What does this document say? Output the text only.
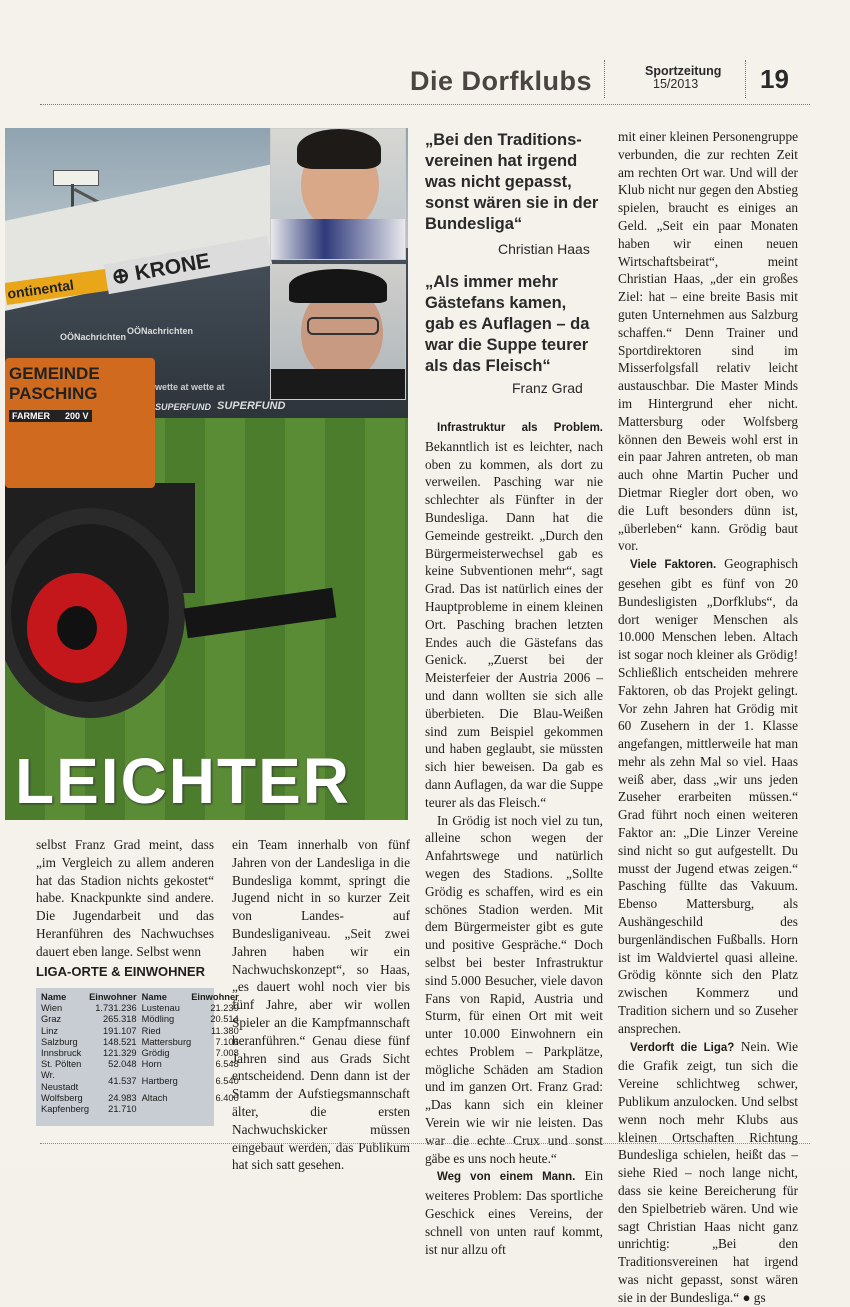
Die Dorfklubs	Sportzeitung
15/2013	19
⊕ KRONE
ontinental
OÖNachrichten
OÖNachrichten
wette at wette at
SUPERFUND SUPERFUND
GEMEINDE
PASCHING
FARMER 200 V
LEICHTER
„Bei den Traditions-
vereinen hat irgend
was nicht gepasst,
sonst wären sie in der
Bundesliga“
Christian Haas
„Als immer mehr
Gästefans kamen,
gab es Auflagen – da
war die Suppe teurer
als das Fleisch“
Franz Grad

selbst Franz Grad meint, dass „im Vergleich zu allem anderen hat das Stadion nichts gekostet“ habe. Knackpunkte sind andere. Die Jugendarbeit und das Heranführen des Nachwuchses dauert eben lange. Selbst wenn

LIGA-ORTE & EINWOHNER
Name	Einwohner	Name	Einwohner
Wien	1.731.236	Lustenau	21.239
Graz	265.318	Mödling	20.514
Linz	191.107	Ried	11.380
Salzburg	148.521	Mattersburg	7.106
Innsbruck	121.329	Grödig	7.008
St. Pölten	52.048	Horn	6.548
Wr. Neustadt	41.537	Hartberg	6.540
Wolfsberg	24.983	Altach	6.400
Kapfenberg	21.710		

ein Team innerhalb von fünf Jahren von der Landesliga in die Bundesliga kommt, springt die Jugend nicht in so kurzer Zeit von Landes- auf Bundesliganiveau. „Seit zwei Jahren haben wir ein Nachwuchskonzept“, so Haas, „es dauert wohl noch vier bis fünf Jahre, aber wir wollen Spieler an die Kampfmannschaft heranführen.“ Genau diese fünf Jahren sind aus Grads Sicht entscheidend. Denn dann ist der Stamm der Aufstiegsmannschaft älter, die ersten Nachwuchskicker müssen eingebaut werden, das Publikum hat sich satt gesehen.

Infrastruktur als Problem. Bekanntlich ist es leichter, nach oben zu kommen, als dort zu verweilen. Pasching war nie schlechter als Fünfter in der Bundesliga. Dann hat die Gemeinde gestreikt. „Durch den Bürgermeisterwechsel gab es keine Subventionen mehr“, sagt Grad. Das ist natürlich eines der Hauptprobleme in einem kleinen Ort. Pasching brachen letzten Endes auch die Gästefans das Genick. „Zuerst bei der Meisterfeier der Austria 2006 – und dann wollten sie sich alle überbieten. Die Blau-Weißen sind zum Beispiel gekommen und haben geglaubt, sie müssten sich hier beweisen. Da gab es dann Auflagen, da war die Suppe teurer als das Fleisch.“

In Grödig ist noch viel zu tun, alleine schon wegen der Anfahrtswege und natürlich wegen des Stadions. „Sollte Grödig es schaffen, wird es ein schönes Stadion werden. Mit dem Bürgermeister gibt es gute und positive Gespräche.“ Doch selbst bei bester Infrastruktur sind 5.000 Besucher, viele davon Fans von Rapid, Austria und Sturm, für einen Ort mit weit unter 10.000 Einwohnern ein echtes Problem – Parkplätze, mögliche Schäden am Stadion und im ganzen Ort. Franz Grad: „Das kann sich ein kleiner Verein wie wir nie leisten. Das war die echte Crux und sonst gäbe es uns noch heute.“

Weg von einem Mann. Ein weiteres Problem: Das sportliche Geschick eines Vereins, der schnell von unten rauf kommt, ist nur allzu oft

mit einer kleinen Personengruppe verbunden, die zur rechten Zeit am rechten Ort war. Und will der Klub nicht nur gegen den Abstieg spielen, braucht es einiges an Geld. „Seit ein paar Monaten haben wir einen neuen Wirtschaftsbeirat“, meint Christian Haas, „der ein großes Ziel: hat – eine breite Basis mit guten Unternehmen aus Salzburg schaffen.“ Denn Trainer und Sportdirektoren sind im Misserfolgsfall relativ leicht austauschbar. Die Master Minds im Hintergrund eher nicht. Mattersburg oder Wolfsberg können den Beweis wohl erst in ein paar Jahren antreten, ob man auch ohne Martin Pucher und Dietmar Riegler dort oben, wo die Luft besonders dünn ist, „überleben“ kann. Grödig baut vor.

Viele Faktoren. Geographisch gesehen gibt es fünf von 20 Bundesligisten „Dorfklubs“, da dort weniger Menschen als 10.000 Menschen leben. Altach ist sogar noch kleiner als Grödig! Schließlich entscheiden mehrere Faktoren, ob das Projekt gelingt. Vor zehn Jahren hat Grödig mit 60 Zusehern in der 1. Klasse angefangen, mittlerweile hat man mehr als zehn Mal so viel. Haas weiß aber, dass „wir uns jeden Zuseher erarbeiten müssen.“ Grad führt noch einen weiteren Faktor an: „Die Linzer Vereine sind nicht so gut aufgestellt. Du musst der Jugend etwas zeigen.“ Pasching füllte das Vakuum. Ebenso Mattersburg, als Aushängeschild des burgenländischen Fußballs. Horn ist im Waldviertel quasi alleine. Grödig könnte sich den Platz zwischen Kommerz und Tradition sichern und so Zuseher ansprechen.

Verdorft die Liga? Nein. Wie die Grafik zeigt, tun sich die Vereine schlichtweg schwer, Publikum anzulocken. Und selbst wenn noch mehr Klubs aus kleinen Ortschaften Richtung Bundesliga schielen, heißt das – siehe Ried – noch lange nicht, dass sie keine Bereicherung für den Spielbetrieb wären. Und wie sagt Christian Haas nicht ganz unrichtig: „Bei den Traditionsvereinen hat irgend was nicht gepasst, sonst wären sie in der Bundesliga.“ ● gs
